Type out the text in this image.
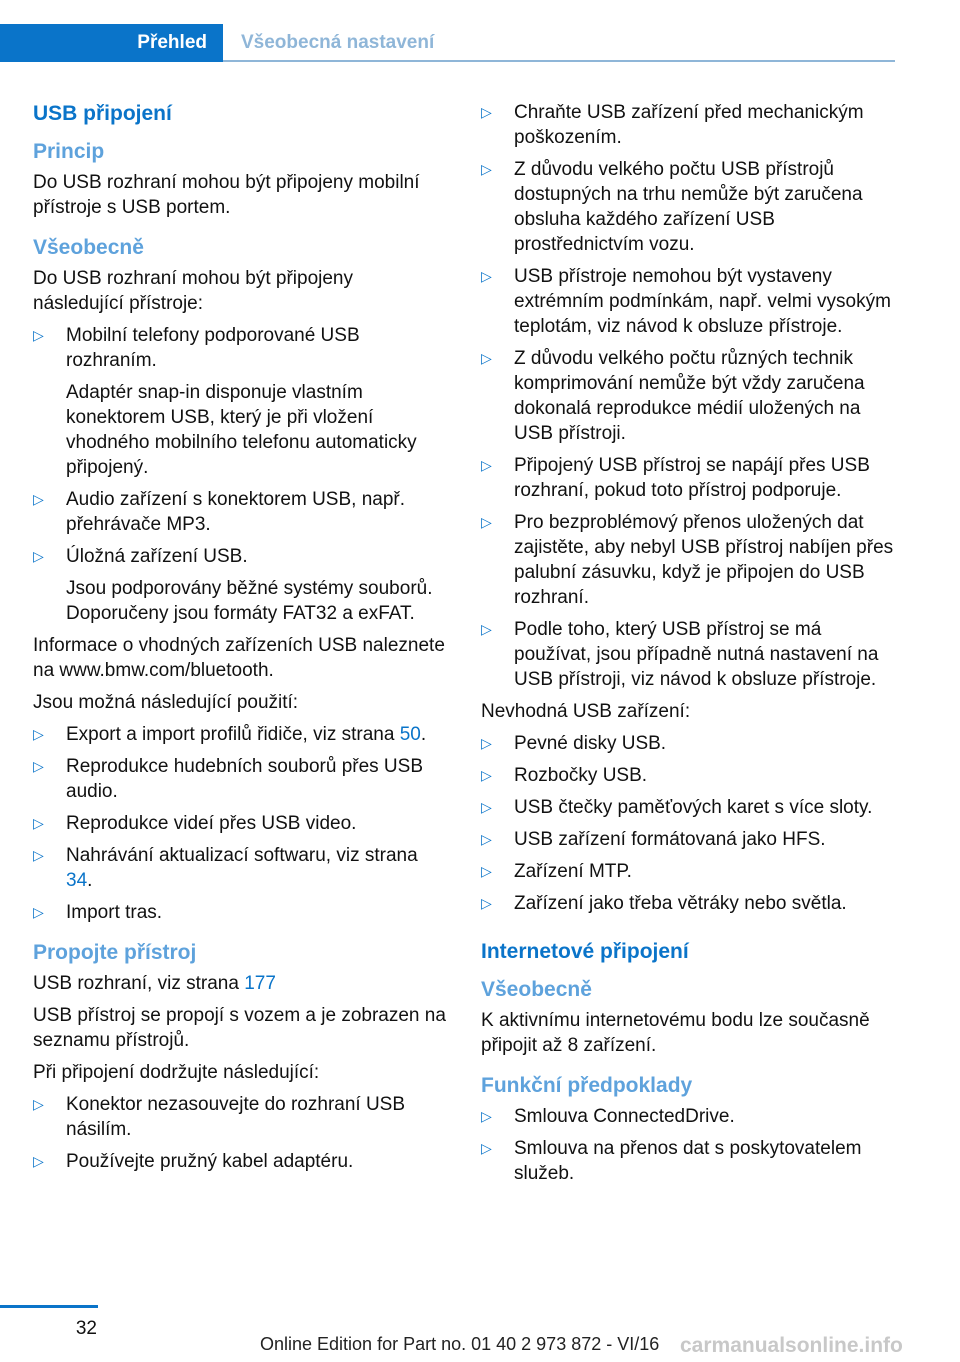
Přehled	Všeobecná nastavení
USB připojení
Princip
Do USB rozhraní mohou být připojeny mobilní přístroje s USB portem.
Všeobecně
Do USB rozhraní mohou být připojeny následující přístroje:
▷ Mobilní telefony podporované USB rozhraním.
Adaptér snap-in disponuje vlastním konektorem USB, který je při vložení vhodného mobilního telefonu automaticky připojený.
▷ Audio zařízení s konektorem USB, např. přehrávače MP3.
▷ Úložná zařízení USB.
Jsou podporovány běžné systémy souborů. Doporučeny jsou formáty FAT32 a exFAT.
Informace o vhodných zařízeních USB naleznete na www.bmw.com/bluetooth.
Jsou možná následující použití:
▷ Export a import profilů řidiče, viz strana 50.
▷ Reprodukce hudebních souborů přes USB audio.
▷ Reprodukce videí přes USB video.
▷ Nahrávání aktualizací softwaru, viz strana 34.
▷ Import tras.
Propojte přístroj
USB rozhraní, viz strana 177
USB přístroj se propojí s vozem a je zobrazen na seznamu přístrojů.
Při připojení dodržujte následující:
▷ Konektor nezasouvejte do rozhraní USB násilím.
▷ Používejte pružný kabel adaptéru.
▷ Chraňte USB zařízení před mechanickým poškozením.
▷ Z důvodu velkého počtu USB přístrojů dostupných na trhu nemůže být zaručena obsluha každého zařízení USB prostřednictvím vozu.
▷ USB přístroje nemohou být vystaveny extrémním podmínkám, např. velmi vysokým teplotám, viz návod k obsluze přístroje.
▷ Z důvodu velkého počtu různých technik komprimování nemůže být vždy zaručena dokonalá reprodukce médií uložených na USB přístroji.
▷ Připojený USB přístroj se napájí přes USB rozhraní, pokud toto přístroj podporuje.
▷ Pro bezproblémový přenos uložených dat zajistěte, aby nebyl USB přístroj nabíjen přes palubní zásuvku, když je připojen do USB rozhraní.
▷ Podle toho, který USB přístroj se má používat, jsou případně nutná nastavení na USB přístroji, viz návod k obsluze přístroje.
Nevhodná USB zařízení:
▷ Pevné disky USB.
▷ Rozbočky USB.
▷ USB čtečky paměťových karet s více sloty.
▷ USB zařízení formátovaná jako HFS.
▷ Zařízení MTP.
▷ Zařízení jako třeba větráky nebo světla.
Internetové připojení
Všeobecně
K aktivnímu internetovému bodu lze současně připojit až 8 zařízení.
Funkční předpoklady
▷ Smlouva ConnectedDrive.
▷ Smlouva na přenos dat s poskytovatelem služeb.
32
Online Edition for Part no. 01 40 2 973 872 - VI/16 carmanualsonline.info
